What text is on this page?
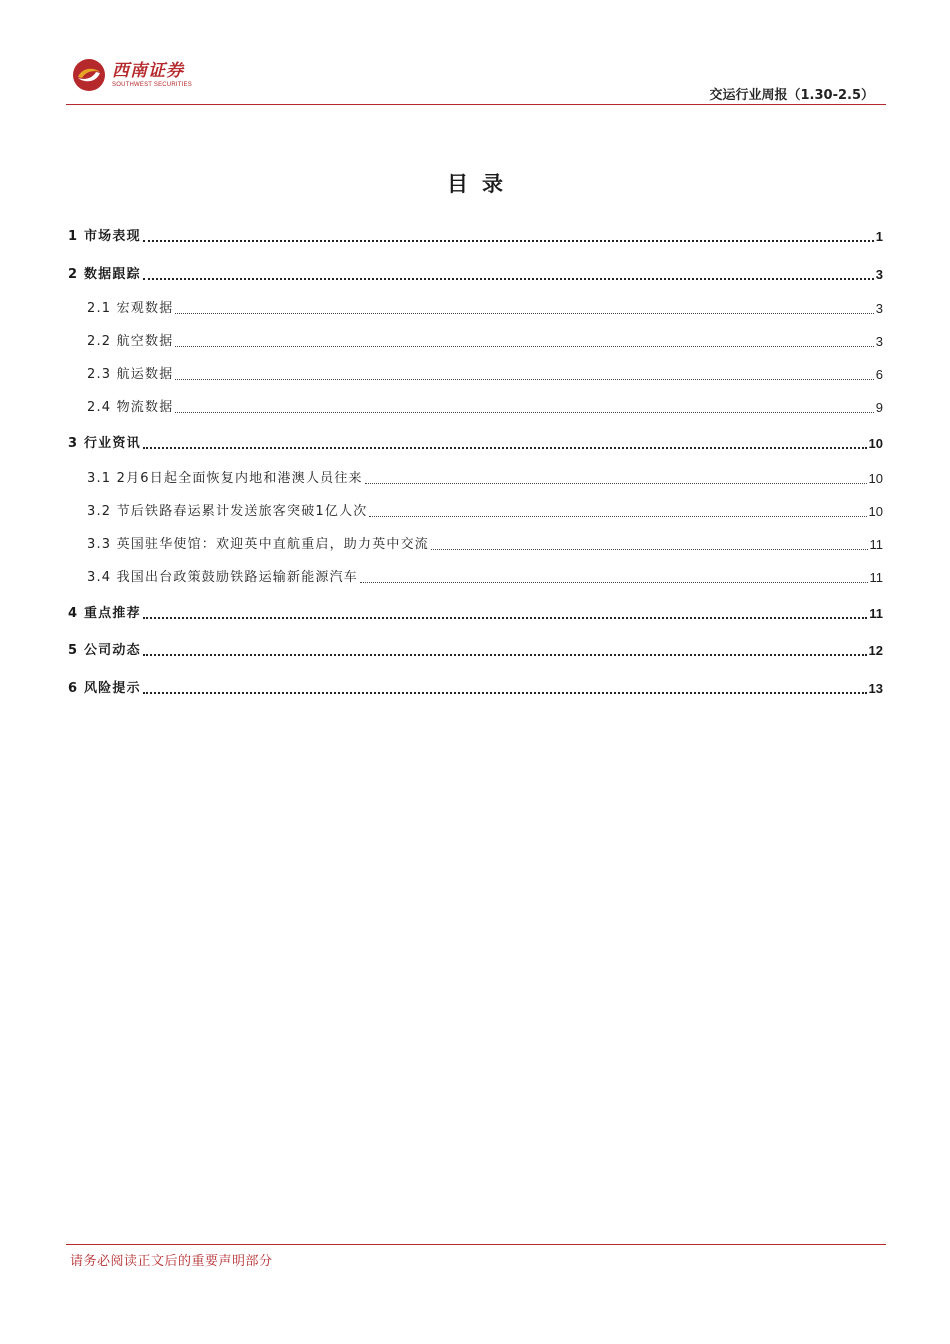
西南证券
SOUTHWEST SECURITIES
交运行业周报（1.30-2.5）
目录
1 市场表现	1
2 数据跟踪	3
2.1 宏观数据	3
2.2 航空数据	3
2.3 航运数据	6
2.4 物流数据	9
3 行业资讯	10
3.1 2月6日起全面恢复内地和港澳人员往来	10
3.2 节后铁路春运累计发送旅客突破1亿人次	10
3.3 英国驻华使馆：欢迎英中直航重启，助力英中交流	11
3.4 我国出台政策鼓励铁路运输新能源汽车	11
4 重点推荐	11
5 公司动态	12
6 风险提示	13
请务必阅读正文后的重要声明部分
